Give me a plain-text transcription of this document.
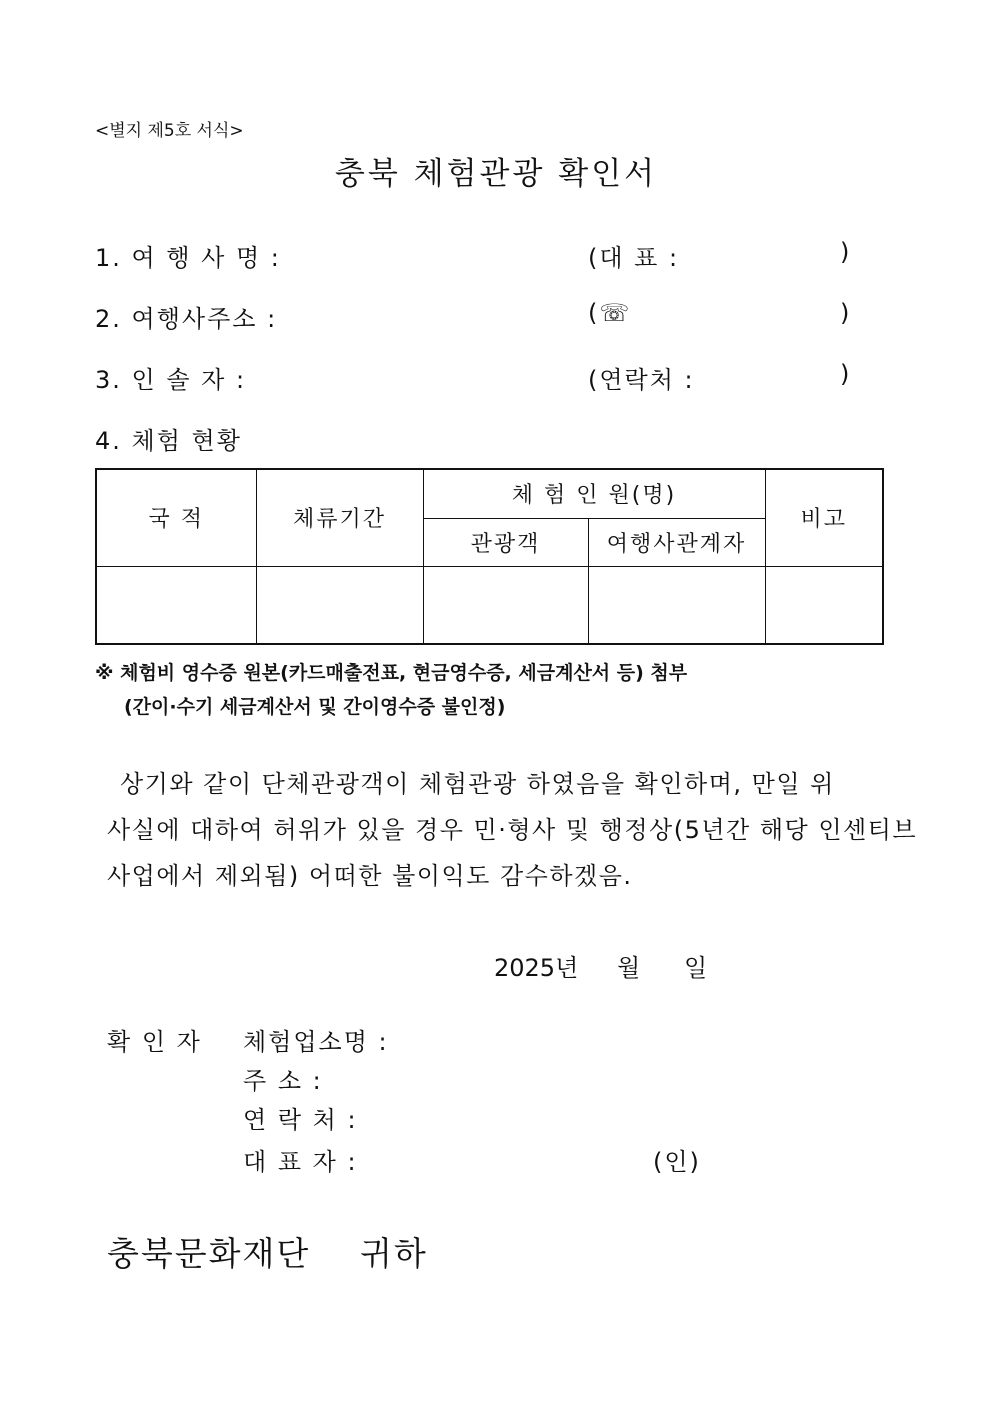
<별지 제5호 서식>
충북 체험관광 확인서
1. 여 행 사 명 :	(대 표 :	)
2. 여행사주소 :	(☏	)
3. 인 솔 자 :	(연락처 :	)
4. 체험 현황
국 적	체류기간	체 험 인 원(명)		비고
		관광객	여행사관계자	

※ 체험비 영수증 원본(카드매출전표, 현금영수증, 세금계산서 등) 첨부
(간이·수기 세금계산서 및 간이영수증 불인정)
상기와 같이 단체관광객이 체험관광 하였음을 확인하며, 만일 위
사실에 대하여 허위가 있을 경우 민·형사 및 행정상(5년간 해당 인센티브
사업에서 제외됨) 어떠한 불이익도 감수하겠음.
2025년 월 일
확 인 자 체험업소명 :
주 소 :
연 락 처 :
대 표 자 :	(인)
충북문화재단 귀하
